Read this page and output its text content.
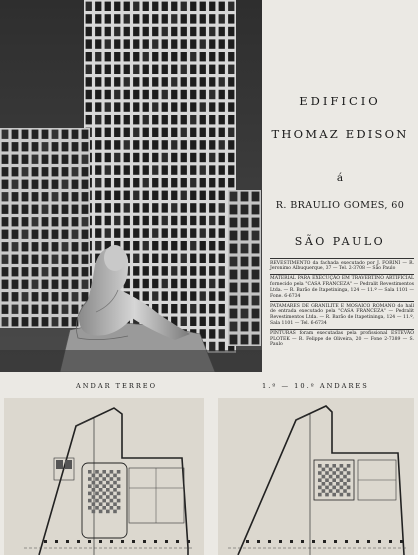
EDIFICIO
THOMAZ EDISON
á
R. BRAULIO GOMES, 60
SÃO PAULO
REVESTIMENTO da fachada executado por J. FORINI — R. Jeronimo Albuquerque, 37 — Tel. 2-3708 — São Paulo
MATERIAL PARA EXECUÇÃO EM TRAVERTINO ARTIFICIAL fornecido pela "CASA FRANCEZA" — Pedralit Revestimentos Ltda. — R. Barão de Itapetininga, 124 — 11.º — Sala 1101 — Fone. 6-6734
PATAMARES DE GRANILITE E MOSAICO ROMANO do hall de entrada executado pela "CASA FRANCEZA" — Pedralit Revestimentos Ltda. — R. Barão de Itapetininga, 124 — 11.º, Sala 1101 — Tel. 6-6734
PINTURAS foram executadas pela profissional ESTEVÃO PLOTEK — R. Felippe de Oliveira, 20 — Fone 2-7389 — S. Paulo
ANDAR TERREO	1.º — 10.º ANDARES
